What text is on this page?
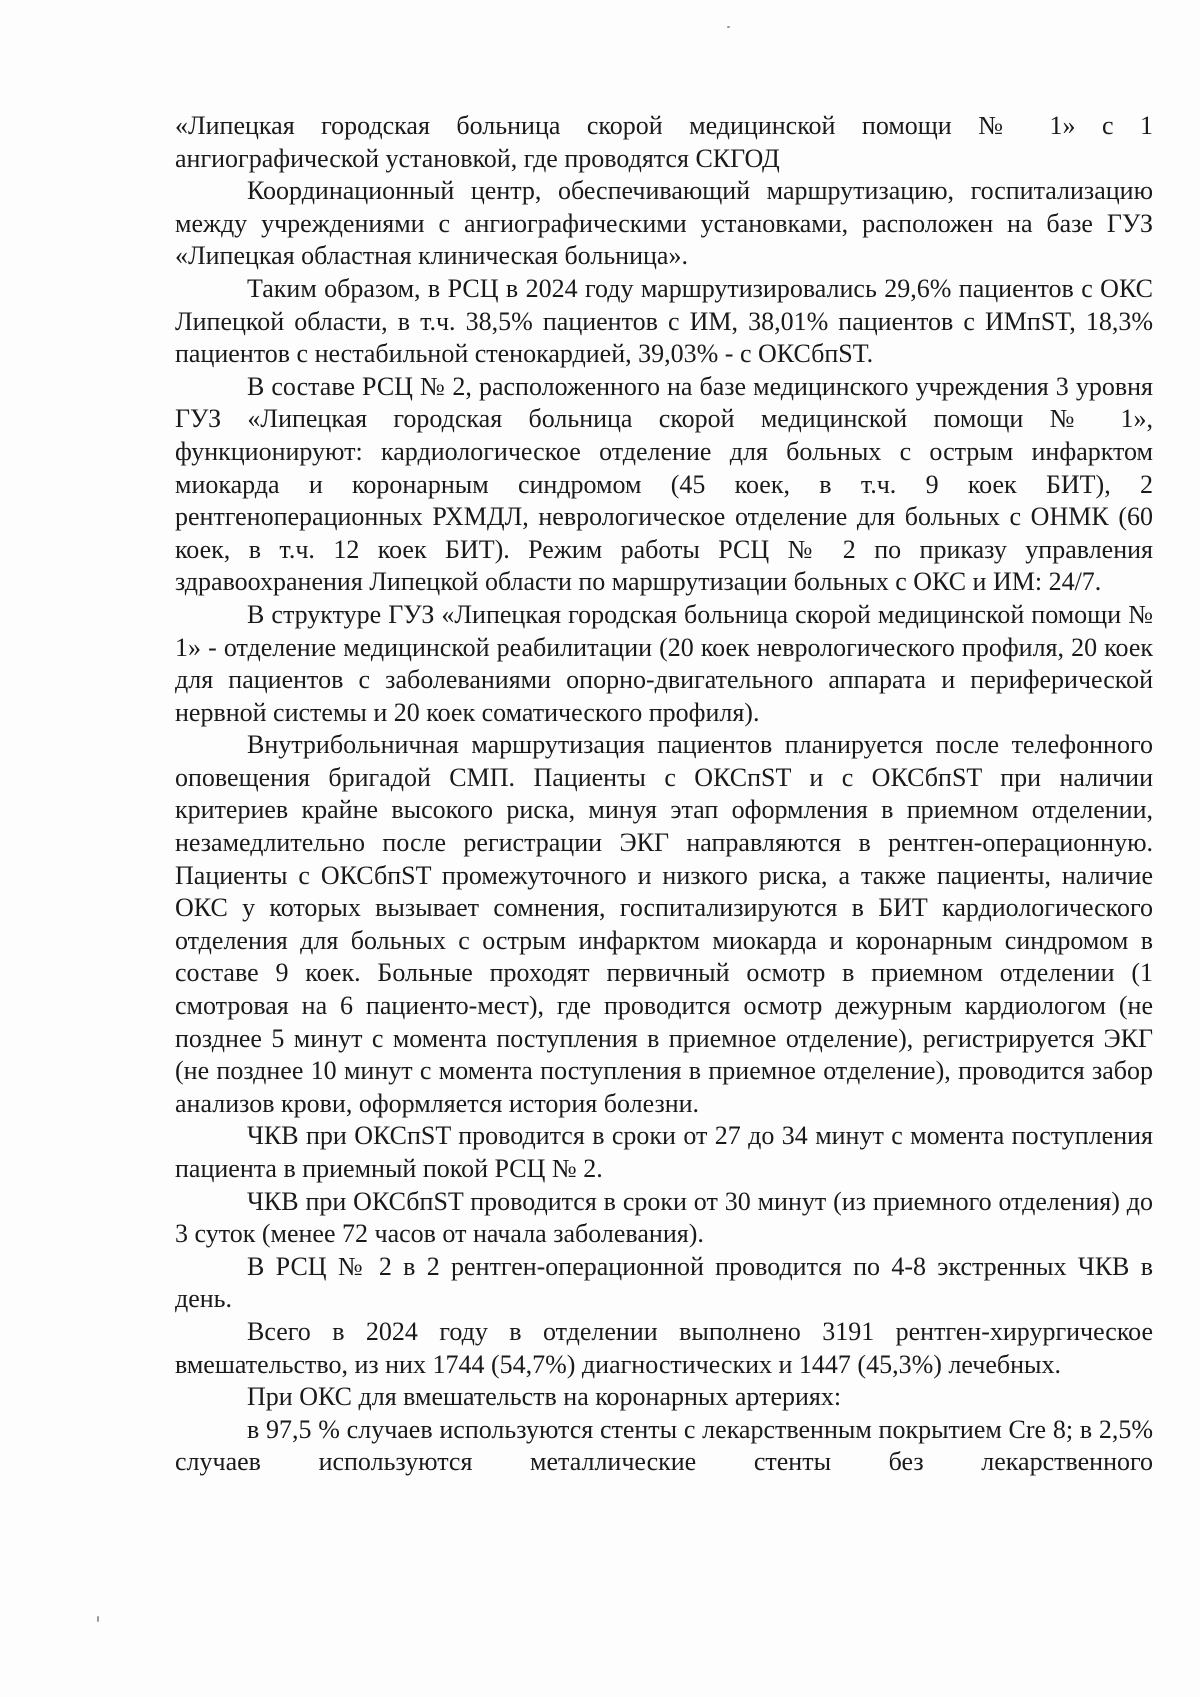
«Липецкая городская больница скорой медицинской помощи № 1» с 1 ангиографической установкой, где проводятся СКГОД

Координационный центр, обеспечивающий маршрутизацию, госпитализацию между учреждениями с ангиографическими установками, расположен на базе ГУЗ «Липецкая областная клиническая больница».

Таким образом, в РСЦ в 2024 году маршрутизировались 29,6% пациентов с ОКС Липецкой области, в т.ч. 38,5% пациентов с ИМ, 38,01% пациентов с ИМпST, 18,3% пациентов с нестабильной стенокардией, 39,03% - с ОКСбпST.

В составе РСЦ № 2, расположенного на базе медицинского учреждения 3 уровня ГУЗ «Липецкая городская больница скорой медицинской помощи № 1», функционируют: кардиологическое отделение для больных с острым инфарктом миокарда и коронарным синдромом (45 коек, в т.ч. 9 коек БИТ), 2 рентгеноперационных РХМДЛ, неврологическое отделение для больных с ОНМК (60 коек, в т.ч. 12 коек БИТ). Режим работы РСЦ № 2 по приказу управления здравоохранения Липецкой области по маршрутизации больных с ОКС и ИМ: 24/7.

В структуре ГУЗ «Липецкая городская больница скорой медицинской помощи № 1» - отделение медицинской реабилитации (20 коек неврологического профиля, 20 коек для пациентов с заболеваниями опорно-двигательного аппарата и периферической нервной системы и 20 коек соматического профиля).

Внутрибольничная маршрутизация пациентов планируется после телефонного оповещения бригадой СМП. Пациенты с ОКСпST и с ОКСбпST при наличии критериев крайне высокого риска, минуя этап оформления в приемном отделении, незамедлительно после регистрации ЭКГ направляются в рентген-операционную. Пациенты с ОКСбпST промежуточного и низкого риска, а также пациенты, наличие ОКС у которых вызывает сомнения, госпитализируются в БИТ кардиологического отделения для больных с острым инфарктом миокарда и коронарным синдромом в составе 9 коек. Больные проходят первичный осмотр в приемном отделении (1 смотровая на 6 пациенто-мест), где проводится осмотр дежурным кардиологом (не позднее 5 минут с момента поступления в приемное отделение), регистрируется ЭКГ (не позднее 10 минут с момента поступления в приемное отделение), проводится забор анализов крови, оформляется история болезни.

ЧКВ при ОКСпST проводится в сроки от 27 до 34 минут с момента поступления пациента в приемный покой РСЦ № 2.

ЧКВ при ОКСбпST проводится в сроки от 30 минут (из приемного отделения) до 3 суток (менее 72 часов от начала заболевания).

В РСЦ № 2 в 2 рентген-операционной проводится по 4-8 экстренных ЧКВ в день.

Всего в 2024 году в отделении выполнено 3191 рентген-хирургическое вмешательство, из них 1744 (54,7%) диагностических и 1447 (45,3%) лечебных.

При ОКС для вмешательств на коронарных артериях:

в 97,5 % случаев используются стенты с лекарственным покрытием Cre 8; в 2,5% случаев используются металлические стенты без лекарственного
